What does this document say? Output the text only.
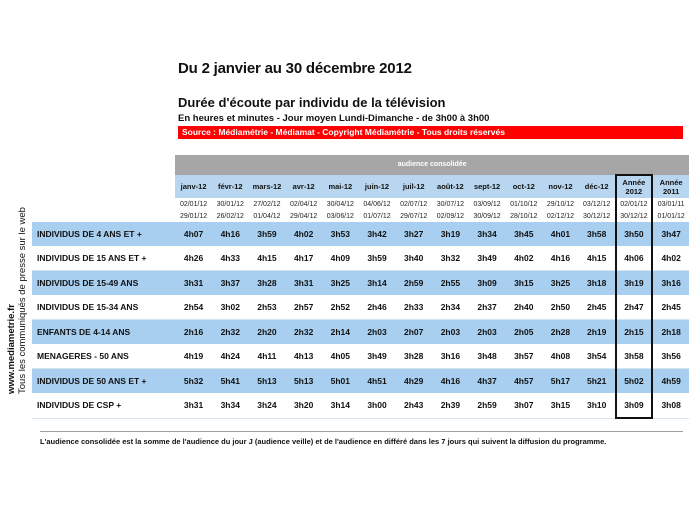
Du 2 janvier au 30 décembre 2012
Durée d'écoute par individu de la télévision
En heures et minutes - Jour moyen Lundi-Dimanche - de 3h00 à 3h00
Source : Médiamétrie - Médiamat - Copyright Médiamétrie - Tous droits réservés
www.mediametrie.fr Tous les communiqués de presse sur le web
	audience consolidée													
	janv-12	févr-12	mars-12	avr-12	mai-12	juin-12	juil-12	août-12	sept-12	oct-12	nov-12	déc-12	Année 2012	Année 2011
	02/01/12	30/01/12	27/02/12	02/04/12	30/04/12	04/06/12	02/07/12	30/07/12	03/09/12	01/10/12	29/10/12	03/12/12	02/01/12	03/01/11
	29/01/12	26/02/12	01/04/12	29/04/12	03/06/12	01/07/12	29/07/12	02/09/12	30/09/12	28/10/12	02/12/12	30/12/12	30/12/12	01/01/12
INDIVIDUS DE 4 ANS ET +	4h07	4h16	3h59	4h02	3h53	3h42	3h27	3h19	3h34	3h45	4h01	3h58	3h50	3h47
INDIVIDUS DE 15 ANS ET +	4h26	4h33	4h15	4h17	4h09	3h59	3h40	3h32	3h49	4h02	4h16	4h15	4h06	4h02
INDIVIDUS DE 15-49 ANS	3h31	3h37	3h28	3h31	3h25	3h14	2h59	2h55	3h09	3h15	3h25	3h18	3h19	3h16
INDIVIDUS DE 15-34 ANS	2h54	3h02	2h53	2h57	2h52	2h46	2h33	2h34	2h37	2h40	2h50	2h45	2h47	2h45
ENFANTS DE 4-14 ANS	2h16	2h32	2h20	2h32	2h14	2h03	2h07	2h03	2h03	2h05	2h28	2h19	2h15	2h18
MENAGERES - 50 ANS	4h19	4h24	4h11	4h13	4h05	3h49	3h28	3h16	3h48	3h57	4h08	3h54	3h58	3h56
INDIVIDUS DE 50 ANS ET +	5h32	5h41	5h13	5h13	5h01	4h51	4h29	4h16	4h37	4h57	5h17	5h21	5h02	4h59
INDIVIDUS DE CSP +	3h31	3h34	3h24	3h20	3h14	3h00	2h43	2h39	2h59	3h07	3h15	3h10	3h09	3h08
L'audience consolidée est la somme de l'audience du jour J (audience veille) et de l'audience en différé dans les 7 jours qui suivent la diffusion du programme.
